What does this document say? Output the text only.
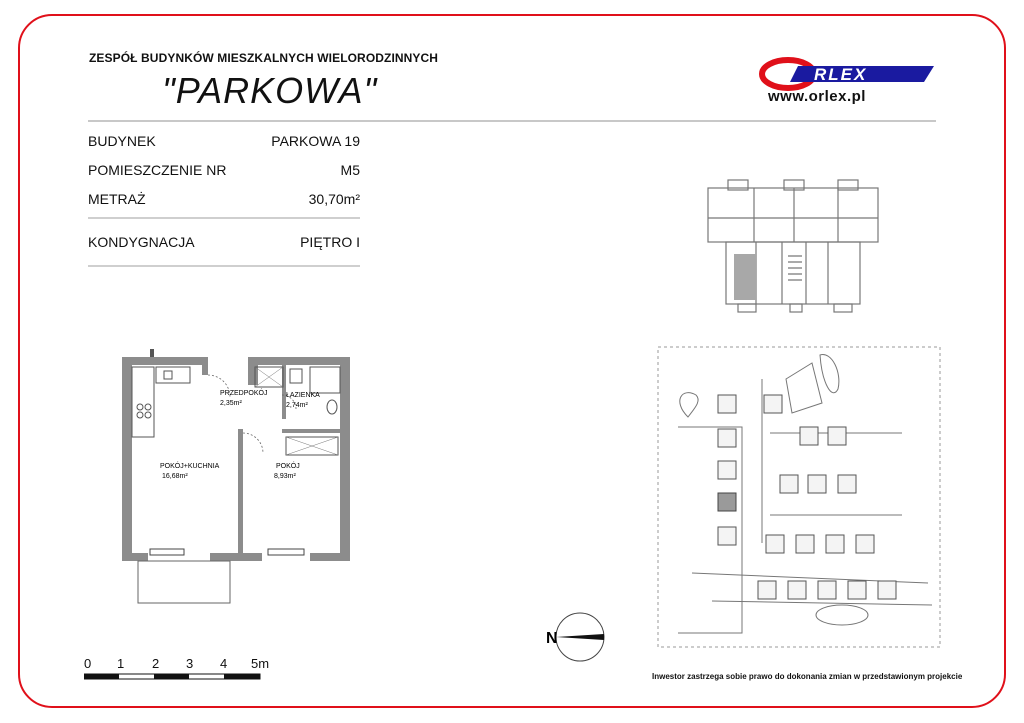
ZESPÓŁ BUDYNKÓW MIESZKALNYCH WIELORODZINNYCH
"PARKOWA"	RLEX
www.orlex.pl
BUDYNEK	PARKOWA 19
POMIESZCZENIE NR	M5
METRAŻ	30,70m²
KONDYGNACJA	PIĘTRO I
PRZEDPOKÓJ
2,35m²
ŁAZIENKA
2,74m²
POKÓJ+KUCHNIA
16,68m²
POKÓJ
8,93m²
N
0 1 2 3 4 5m
Inwestor zastrzega sobie prawo do dokonania zmian w przedstawionym projekcie
